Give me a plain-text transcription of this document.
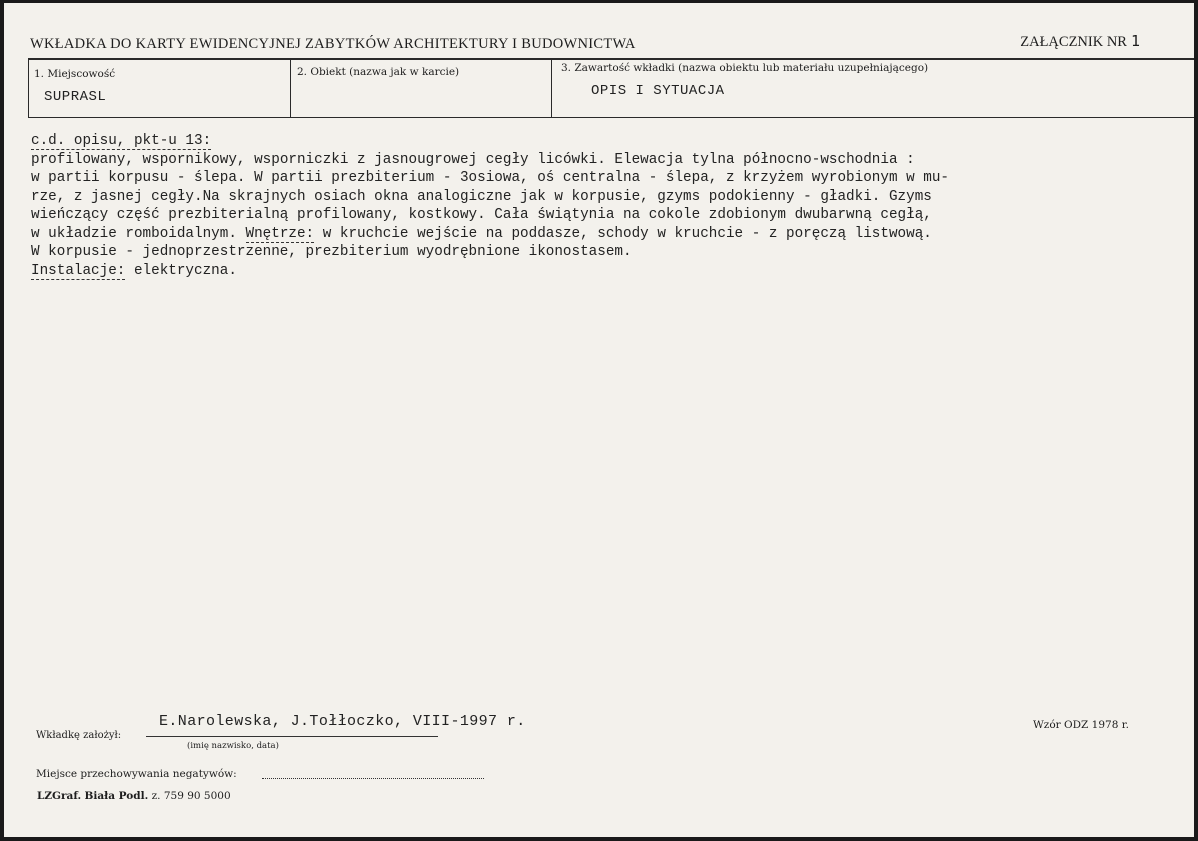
WKŁADKA DO KARTY EWIDENCYJNEJ ZABYTKÓW ARCHITEKTURY I BUDOWNICTWA	ZAŁĄCZNIK NR 1
1. Miejscowość
SUPRASL
2. Obiekt (nazwa jak w karcie)	3. Zawartość wkładki (nazwa obiektu lub materiału uzupełniającego)
OPIS I SYTUACJA
c.d. opisu, pkt-u 13:
profilowany, wspornikowy, wsporniczki z jasnougrowej cegły licówki. Elewacja tylna północno-wschodnia :
w partii korpusu - ślepa. W partii prezbiterium - 3osiowa, oś centralna - ślepa, z krzyżem wyrobionym w mu-
rze, z jasnej cegły.Na skrajnych osiach okna analogiczne jak w korpusie, gzyms podokienny - gładki. Gzyms
wieńczący część prezbiterialną profilowany, kostkowy. Cała świątynia na cokole zdobionym dwubarwną cegłą,
w układzie romboidalnym. Wnętrze: w kruchcie wejście na poddasze, schody w kruchcie - z poręczą listwową.
W korpusie - jednoprzestrzenne, prezbiterium wyodrębnione ikonostasem.
Instalacje: elektryczna.
Wkładkę założył:
E.Narolewska, J.Tołłoczko, VIII-1997 r.
(imię nazwisko, data)
Wzór ODZ 1978 r.
Miejsce przechowywania negatywów:
LZGraf. Biała Podl. z. 759 90 5000
